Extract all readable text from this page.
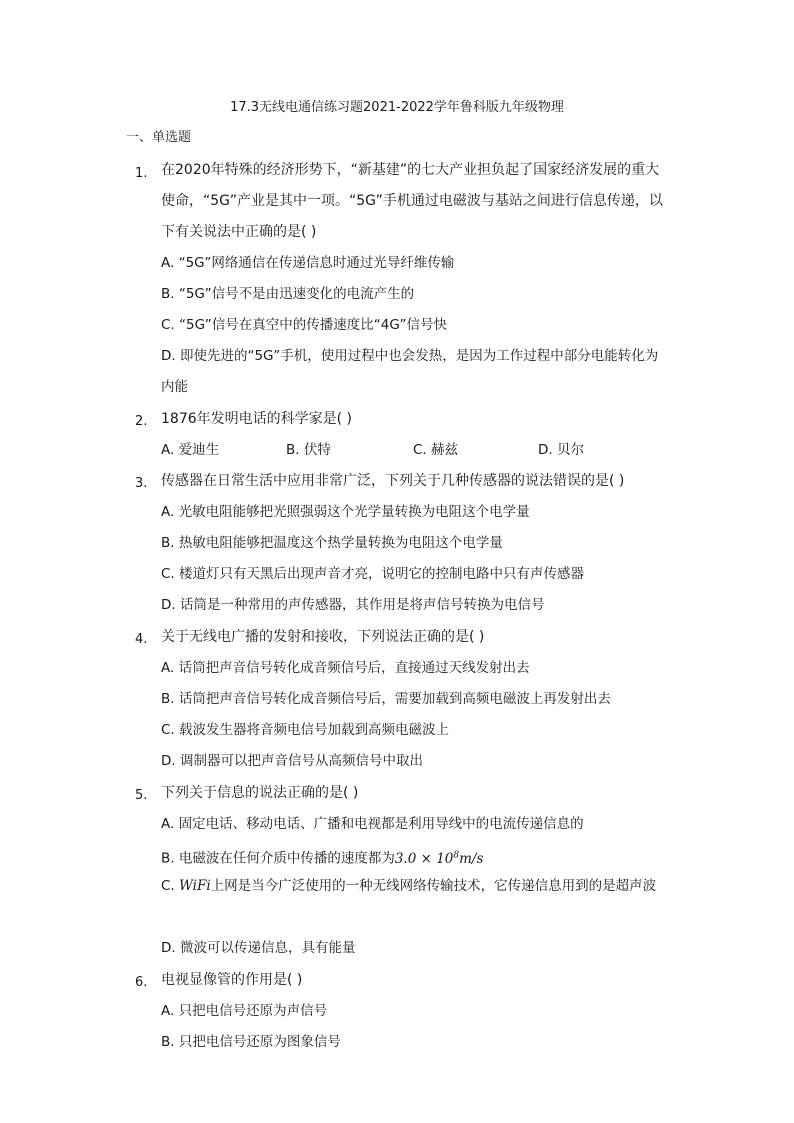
17.3无线电通信练习题2021-2022学年鲁科版九年级物理
一、单选题
1. 在2020年特殊的经济形势下，“新基建”的七大产业担负起了国家经济发展的重大使命，“5G”产业是其中一项。“5G”手机通过电磁波与基站之间进行信息传递，以下有关说法中正确的是( )
A. “5G”网络通信在传递信息时通过光导纤维传输
B. “5G”信号不是由迅速变化的电流产生的
C. “5G”信号在真空中的传播速度比“4G”信号快
D. 即使先进的“5G”手机，使用过程中也会发热，是因为工作过程中部分电能转化为内能
2. 1876年发明电话的科学家是( )
A. 爱迪生	B. 伏特	C. 赫兹	D. 贝尔
3. 传感器在日常生活中应用非常广泛，下列关于几种传感器的说法错误的是( )
A. 光敏电阻能够把光照强弱这个光学量转换为电阻这个电学量
B. 热敏电阻能够把温度这个热学量转换为电阻这个电学量
C. 楼道灯只有天黑后出现声音才亮，说明它的控制电路中只有声传感器
D. 话筒是一种常用的声传感器，其作用是将声信号转换为电信号
4. 关于无线电广播的发射和接收，下列说法正确的是( )
A. 话筒把声音信号转化成音频信号后，直接通过天线发射出去
B. 话筒把声音信号转化成音频信号后，需要加载到高频电磁波上再发射出去
C. 载波发生器将音频电信号加载到高频电磁波上
D. 调制器可以把声音信号从高频信号中取出
5. 下列关于信息的说法正确的是( )
A. 固定电话、移动电话、广播和电视都是利用导线中的电流传递信息的
B. 电磁波在任何介质中传播的速度都为$3.0 \times 10^8m/s$
C. WiFi上网是当今广泛使用的一种无线网络传输技术，它传递信息用到的是超声波
D. 微波可以传递信息，具有能量
6. 电视显像管的作用是( )
A. 只把电信号还原为声信号
B. 只把电信号还原为图象信号
